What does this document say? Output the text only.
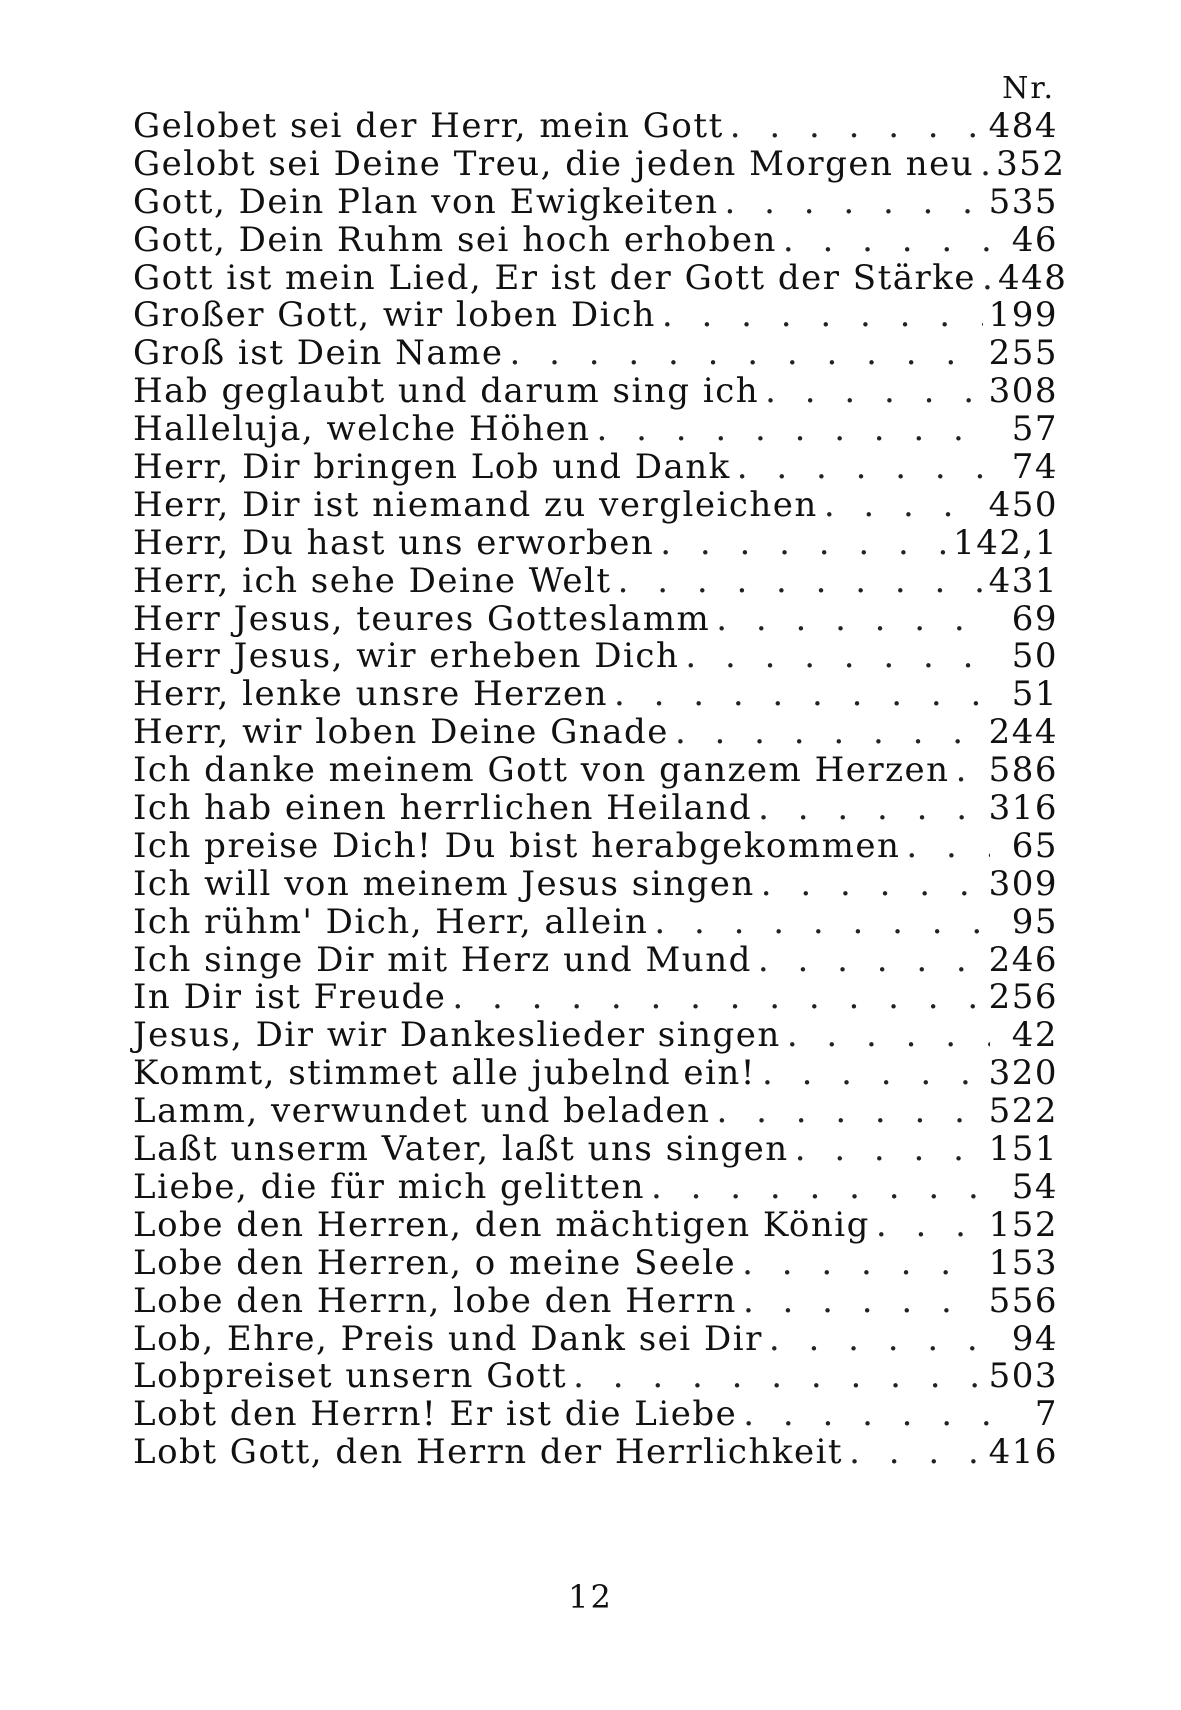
Nr.
Gelobet sei der Herr, mein Gott . . .	484
Gelobt sei Deine Treu, die jeden Morgen neu . . . 352
Gott, Dein Plan von Ewigkeiten . . .	535
Gott, Dein Ruhm sei hoch erhoben . . .	46
Gott ist mein Lied, Er ist der Gott der Stärke . . . 448
Großer Gott, wir loben Dich . . .	199
Groß ist Dein Name . . .	255
Hab geglaubt und darum sing ich . . .	308
Halleluja, welche Höhen . . .	57
Herr, Dir bringen Lob und Dank . . .	74
Herr, Dir ist niemand zu vergleichen . . .	450
Herr, Du hast uns erworben . . .	142,1
Herr, ich sehe Deine Welt . . .	431
Herr Jesus, teures Gotteslamm . . .	69
Herr Jesus, wir erheben Dich . . .	50
Herr, lenke unsre Herzen . . .	51
Herr, wir loben Deine Gnade . . .	244
Ich danke meinem Gott von ganzem Herzen . . . 586
Ich hab einen herrlichen Heiland . . .	316
Ich preise Dich! Du bist herabgekommen . . .	65
Ich will von meinem Jesus singen . . .	309
Ich rühm' Dich, Herr, allein . . .	95
Ich singe Dir mit Herz und Mund . . .	246
In Dir ist Freude . . .	256
Jesus, Dir wir Dankeslieder singen . . .	42
Kommt, stimmet alle jubelnd ein! . . .	320
Lamm, verwundet und beladen . . .	522
Laßt unserm Vater, laßt uns singen . . .	151
Liebe, die für mich gelitten . . .	54
Lobe den Herren, den mächtigen König . . .	152
Lobe den Herren, o meine Seele . . .	153
Lobe den Herrn, lobe den Herrn . . .	556
Lob, Ehre, Preis und Dank sei Dir . . .	94
Lobpreiset unsern Gott . . .	503
Lobt den Herrn! Er ist die Liebe . . .	7
Lobt Gott, den Herrn der Herrlichkeit . . .	416
12
